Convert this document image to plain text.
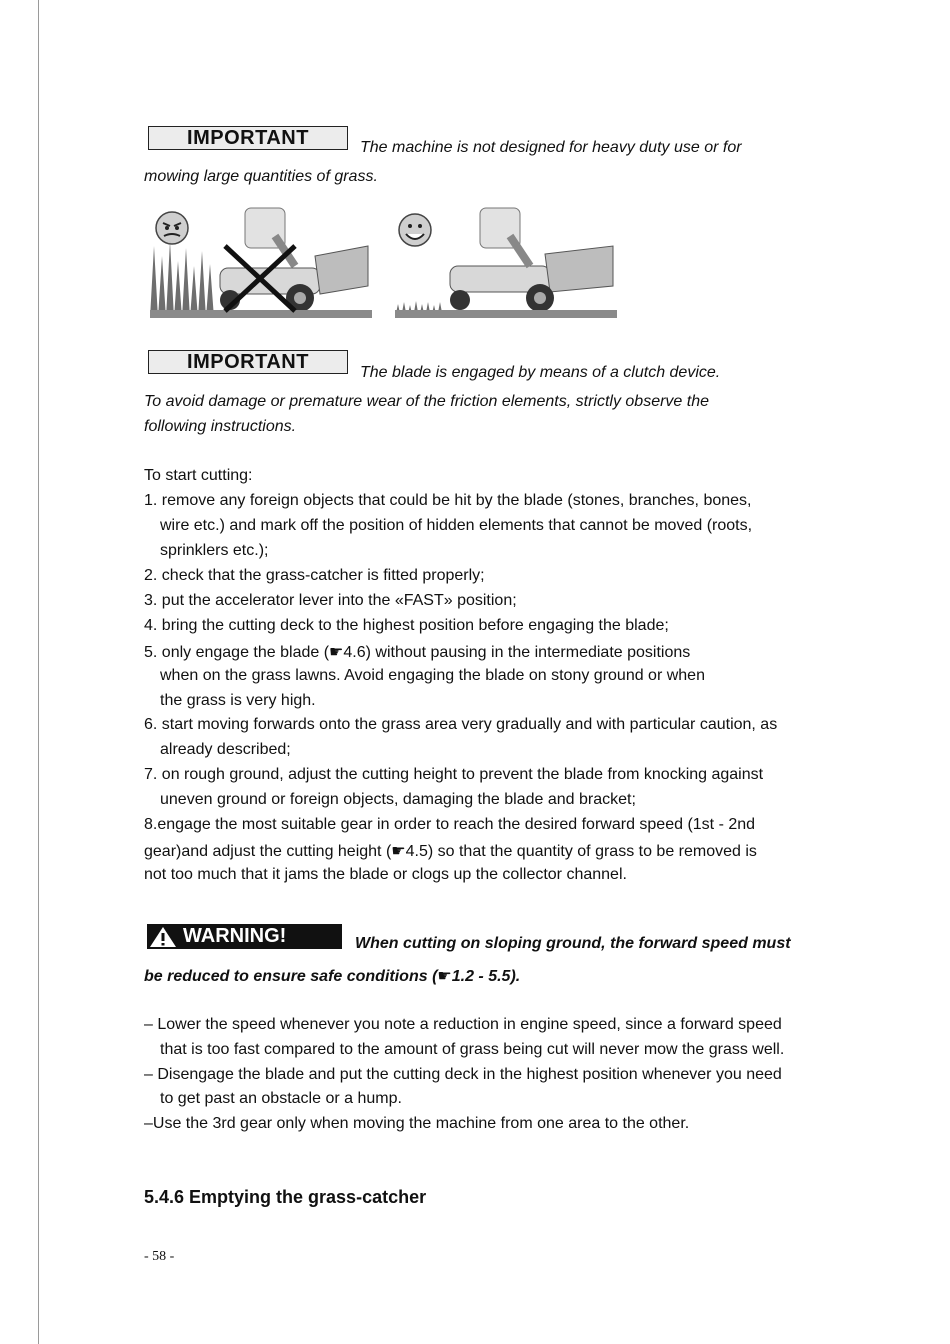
IMPORTANT	The machine is not designed for heavy duty use or for
mowing large quantities of grass.
IMPORTANT	The blade is engaged by means of a clutch device.
To avoid damage or premature wear of the friction elements, strictly observe the
following instructions.
To start cutting:
1. remove any foreign objects that could be hit by the blade (stones, branches, bones,
wire etc.) and mark off the position of hidden elements that cannot be moved (roots,
sprinklers etc.);
2. check that the grass-catcher is fitted properly;
3. put the accelerator lever into the «FAST» position;
4. bring the cutting deck to the highest position before engaging the blade;
5. only engage the blade (☛4.6) without pausing in the intermediate positions
when on the grass lawns. Avoid engaging the blade on stony ground or when
the grass is very high.
6. start moving forwards onto the grass area very gradually and with particular caution, as
already described;
7. on rough ground, adjust the cutting height to prevent the blade from knocking against
uneven ground or foreign objects, damaging the blade and bracket;
8.engage the most suitable gear in order to reach the desired forward speed (1st - 2nd
gear)and adjust the cutting height (☛4.5) so that the quantity of grass to be removed is
not too much that it jams the blade or clogs up the collector channel.
WARNING!	When cutting on sloping ground, the forward speed must
be reduced to ensure safe conditions (☛1.2 - 5.5).
– Lower the speed whenever you note a reduction in engine speed, since a forward speed
that is too fast compared to the amount of grass being cut will never mow the grass well.
– Disengage the blade and put the cutting deck in the highest position whenever you need
to get past an obstacle or a hump.
–Use the 3rd gear only when moving the machine from one area to the other.
5.4.6 Emptying the grass-catcher
- 58 -
